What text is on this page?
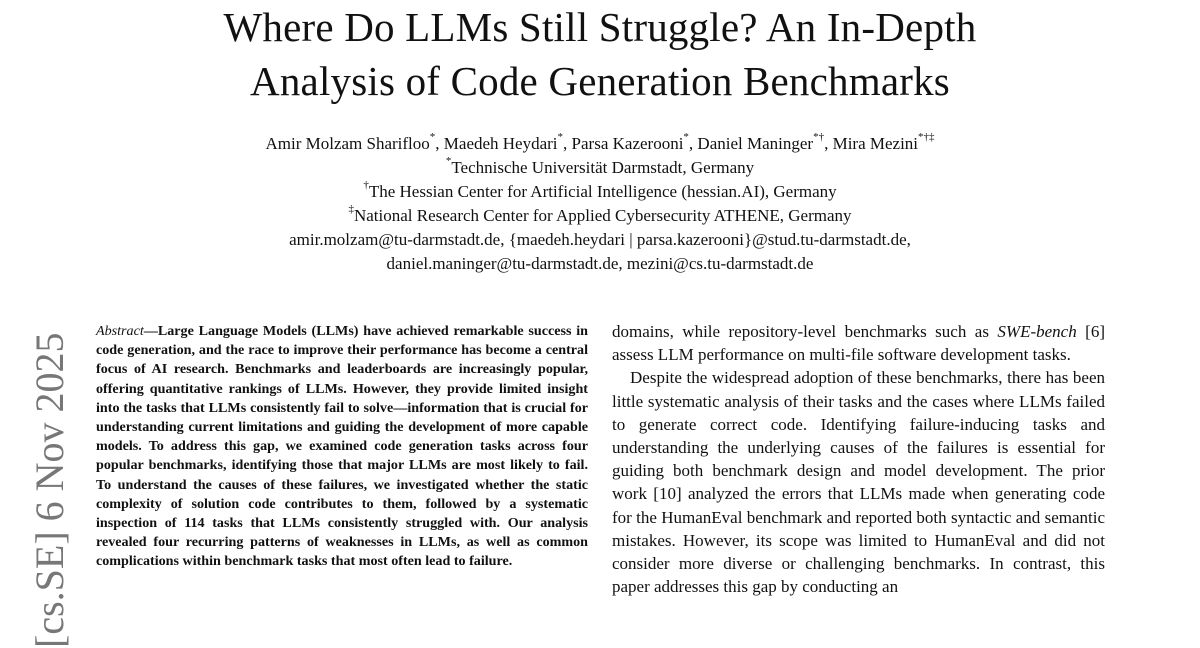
Where Do LLMs Still Struggle? An In-Depth
Analysis of Code Generation Benchmarks
Amir Molzam Sharifloo*, Maedeh Heydari*, Parsa Kazerooni*, Daniel Maninger*†, Mira Mezini*†‡
*Technische Universität Darmstadt, Germany
†The Hessian Center for Artificial Intelligence (hessian.AI), Germany
‡National Research Center for Applied Cybersecurity ATHENE, Germany
amir.molzam@tu-darmstadt.de, {maedeh.heydari | parsa.kazerooni}@stud.tu-darmstadt.de,
daniel.maninger@tu-darmstadt.de, mezini@cs.tu-darmstadt.de
Abstract—Large Language Models (LLMs) have achieved remarkable success in code generation, and the race to improve their performance has become a central focus of AI research. Benchmarks and leaderboards are increasingly popular, offering quantitative rankings of LLMs. However, they provide limited insight into the tasks that LLMs consistently fail to solve—information that is crucial for understanding current limitations and guiding the development of more capable models. To address this gap, we examined code generation tasks across four popular benchmarks, identifying those that major LLMs are most likely to fail. To understand the causes of these failures, we investigated whether the static complexity of solution code contributes to them, followed by a systematic inspection of 114 tasks that LLMs consistently struggled with. Our analysis revealed four recurring patterns of weaknesses in LLMs, as well as common complications within benchmark tasks that most often lead to failure.

domains, while repository-level benchmarks such as SWE-bench [6] assess LLM performance on multi-file software development tasks.

Despite the widespread adoption of these benchmarks, there has been little systematic analysis of their tasks and the cases where LLMs failed to generate correct code. Identifying failure-inducing tasks and understanding the underlying causes of the failures is essential for guiding both benchmark design and model development. The prior work [10] analyzed the errors that LLMs made when generating code for the HumanEval benchmark and reported both syntactic and semantic mistakes. However, its scope was limited to HumanEval and did not consider more diverse or challenging benchmarks. In contrast, this paper addresses this gap by conducting an

[cs.SE] 6 Nov 2025
